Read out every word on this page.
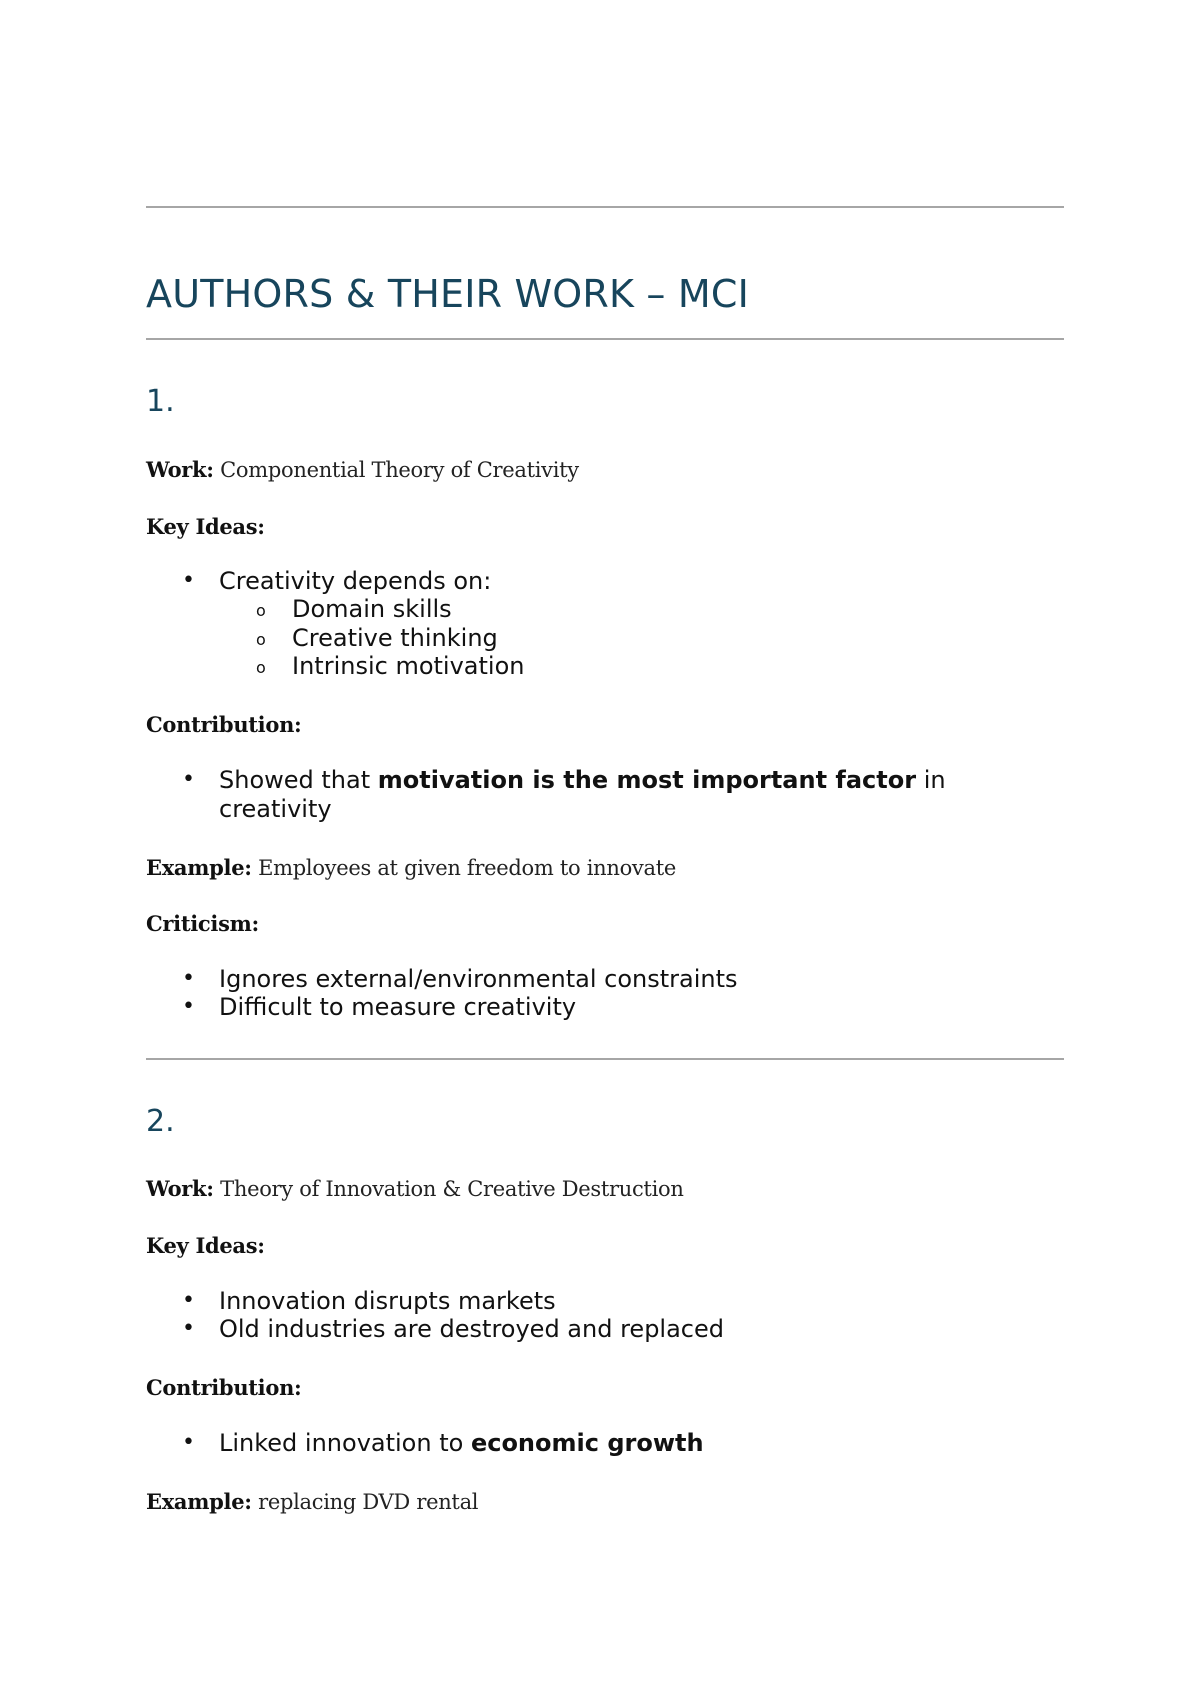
AUTHORS & THEIR WORK – MCI
1.
Work: Componential Theory of Creativity
Key Ideas:
• Creativity depends on:
o Domain skills
o Creative thinking
o Intrinsic motivation
Contribution:
• Showed that motivation is the most important factor in
creativity
Example: Employees at given freedom to innovate
Criticism:
• Ignores external/environmental constraints
• Difficult to measure creativity
2.
Work: Theory of Innovation & Creative Destruction
Key Ideas:
• Innovation disrupts markets
• Old industries are destroyed and replaced
Contribution:
• Linked innovation to economic growth
Example: replacing DVD rental
